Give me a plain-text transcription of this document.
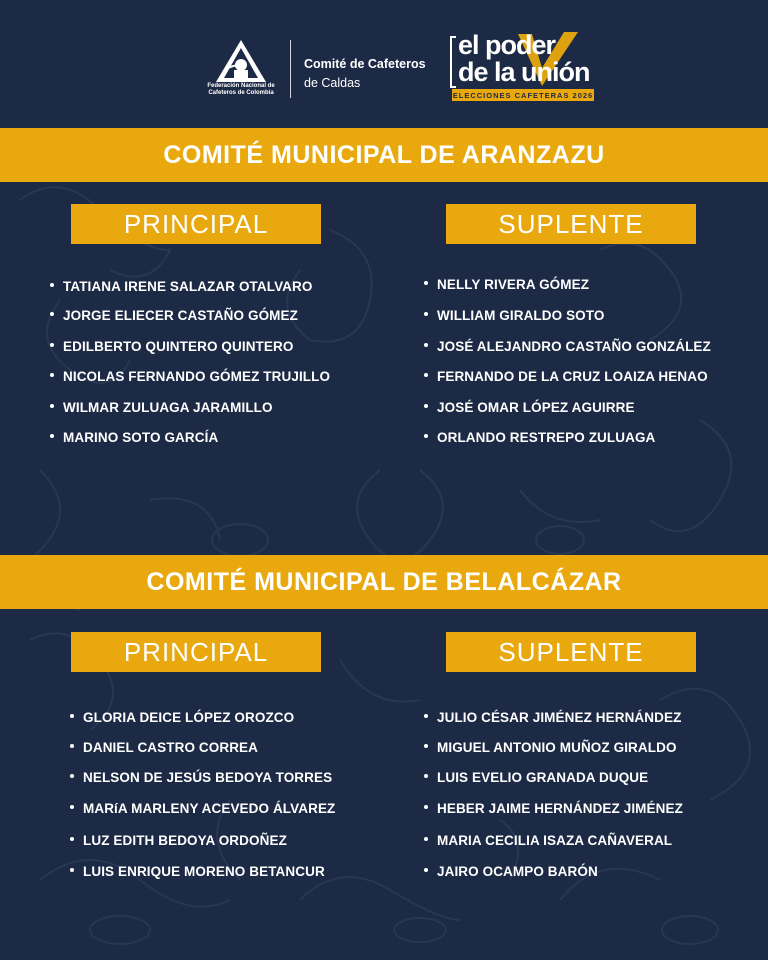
Federación Nacional de
Cafeteros de Colombia
Comité de Cafeteros
de Caldas
el poder
de la unión
ELECCIONES CAFETERAS 2026
COMITÉ MUNICIPAL DE ARANZAZU
PRINCIPAL	SUPLENTE
TATIANA IRENE SALAZAR OTALVARO
JORGE ELIECER CASTAÑO GÓMEZ
EDILBERTO QUINTERO QUINTERO
NICOLAS FERNANDO GÓMEZ TRUJILLO
WILMAR ZULUAGA JARAMILLO
MARINO SOTO GARCÍA
NELLY RIVERA GÓMEZ
WILLIAM GIRALDO SOTO
JOSÉ ALEJANDRO CASTAÑO GONZÁLEZ
FERNANDO DE LA CRUZ LOAIZA HENAO
JOSÉ OMAR LÓPEZ AGUIRRE
ORLANDO RESTREPO ZULUAGA
COMITÉ MUNICIPAL DE BELALCÁZAR
PRINCIPAL	SUPLENTE
GLORIA DEICE LÓPEZ OROZCO
DANIEL CASTRO CORREA
NELSON DE JESÚS BEDOYA TORRES
MARíA MARLENY ACEVEDO ÁLVAREZ
LUZ EDITH BEDOYA ORDOÑEZ
LUIS ENRIQUE MORENO BETANCUR
JULIO CÉSAR JIMÉNEZ HERNÁNDEZ
MIGUEL ANTONIO MUÑOZ GIRALDO
LUIS EVELIO GRANADA DUQUE
HEBER JAIME HERNÁNDEZ JIMÉNEZ
MARIA CECILIA ISAZA CAÑAVERAL
JAIRO OCAMPO BARÓN
